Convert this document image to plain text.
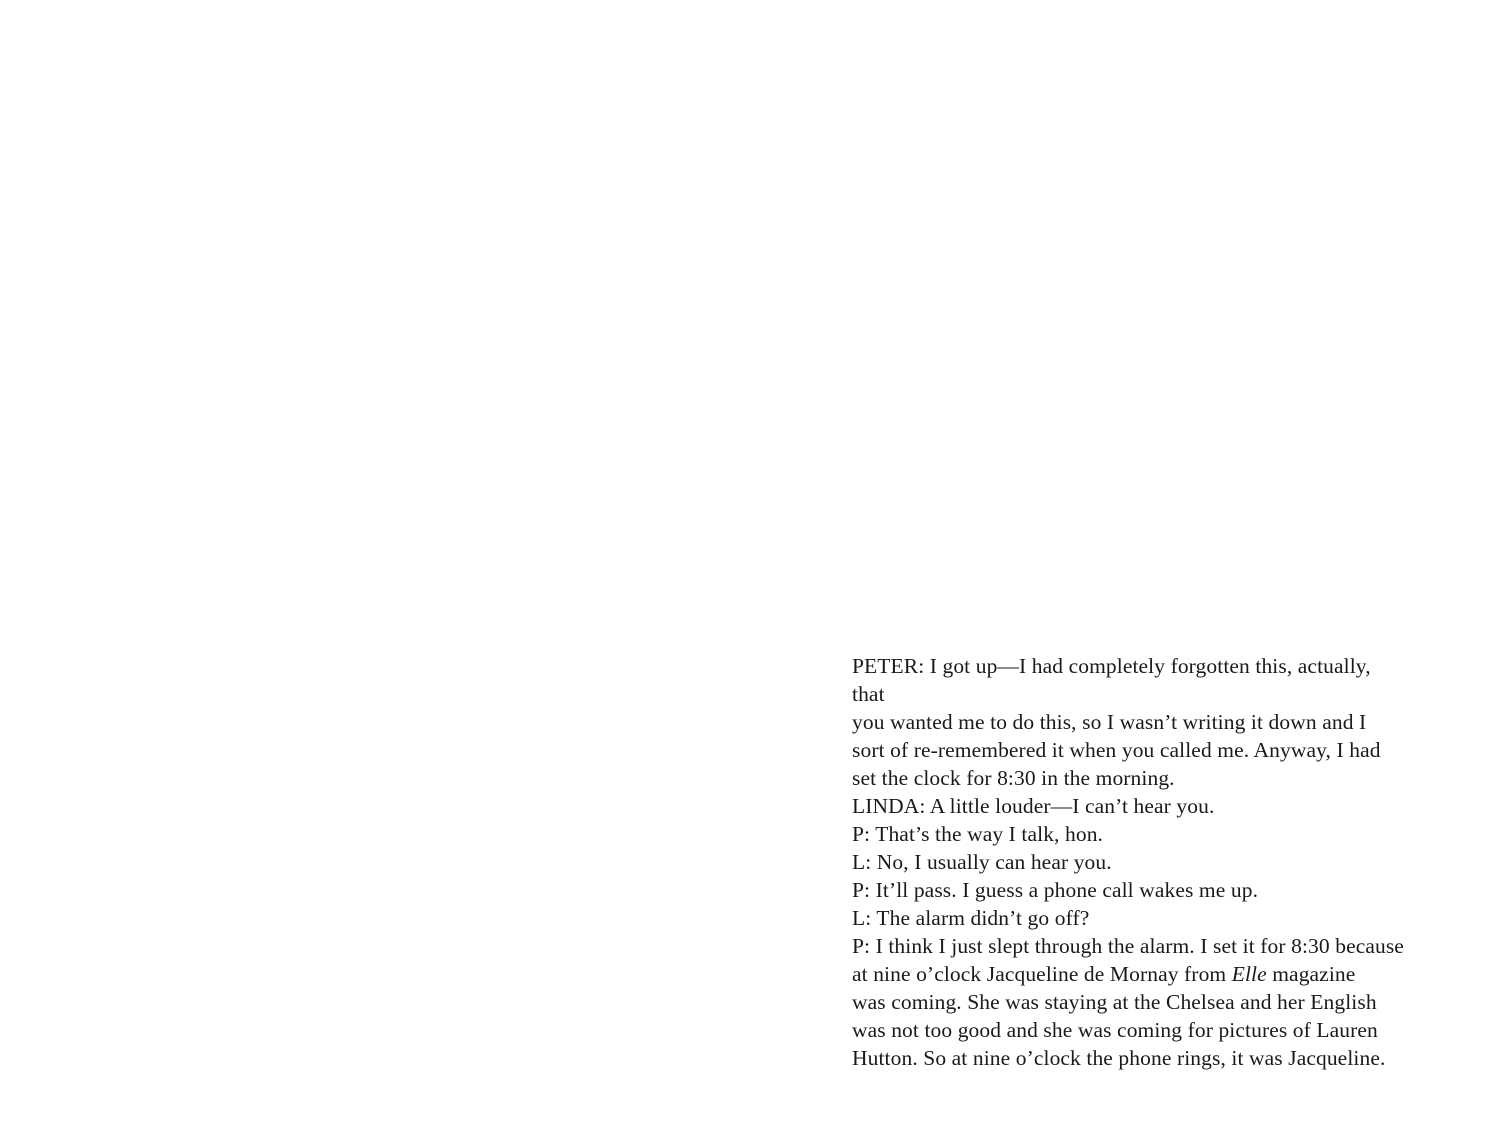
PETER: I got up—I had completely forgotten this, actually, that
you wanted me to do this, so I wasn’t writing it down and I
sort of re-remembered it when you called me. Anyway, I had
set the clock for 8:30 in the morning.
LINDA: A little louder—I can’t hear you.
P: That’s the way I talk, hon.
L: No, I usually can hear you.
P: It’ll pass. I guess a phone call wakes me up.
L: The alarm didn’t go off?
P: I think I just slept through the alarm. I set it for 8:30 because
at nine o’clock Jacqueline de Mornay from Elle magazine
was coming. She was staying at the Chelsea and her English
was not too good and she was coming for pictures of Lauren
Hutton. So at nine o’clock the phone rings, it was Jacqueline.
